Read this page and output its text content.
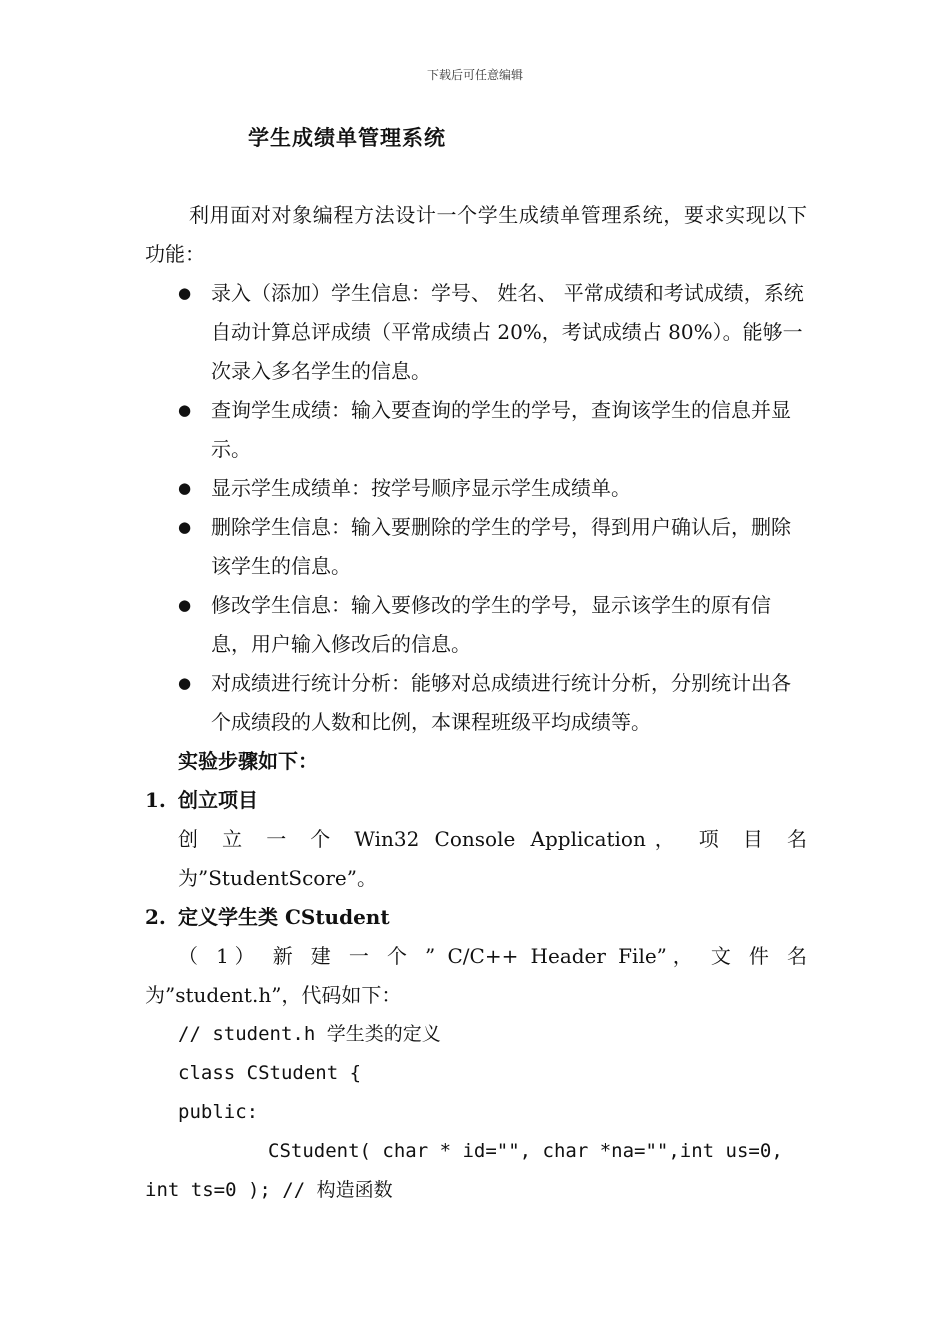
下载后可任意编辑
学生成绩单管理系统

利用面对对象编程方法设计一个学生成绩单管理系统，要求实现以下功能：

● 录入（添加）学生信息：学号、 姓名、 平常成绩和考试成绩，系统自动计算总评成绩（平常成绩占 20%，考试成绩占 80%）。能够一次录入多名学生的信息。
● 查询学生成绩：输入要查询的学生的学号，查询该学生的信息并显示。
● 显示学生成绩单：按学号顺序显示学生成绩单。
● 删除学生信息：输入要删除的学生的学号，得到用户确认后，删除该学生的信息。
● 修改学生信息：输入要修改的学生的学号，显示该学生的原有信息，用户输入修改后的信息。
● 对成绩进行统计分析：能够对总成绩进行统计分析，分别统计出各个成绩段的人数和比例，本课程班级平均成绩等。

实验步骤如下：

1. 创立项目

创 立 一 个 Win32 Console Application， 项 目 名

为”StudentScore”。

2. 定义学生类 CStudent

（ 1） 新 建 一 个 ” C/C++ Header File”， 文 件 名

为”student.h”，代码如下：

// student.h 学生类的定义

class CStudent {

public:

CStudent( char * id="", char *na="",int us=0,

int ts=0 ); // 构造函数
